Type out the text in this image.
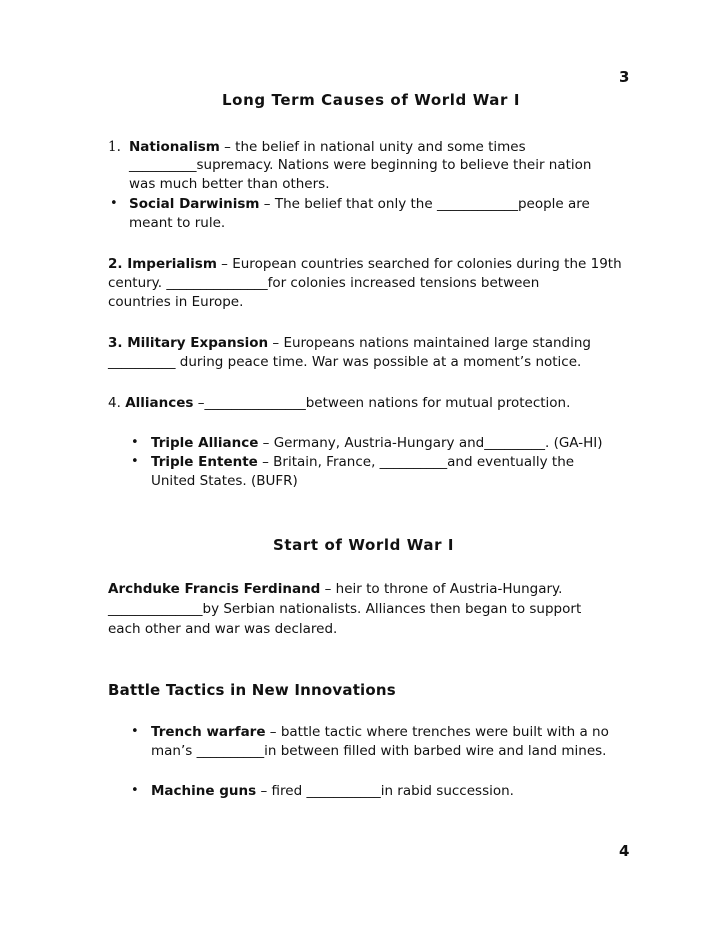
3
Long Term Causes of World War I
1. Nationalism – the belief in national unity and some times
__________supremacy. Nations were beginning to believe their nation
was much better than others.
• Social Darwinism – The belief that only the ____________people are
meant to rule.
2. Imperialism – European countries searched for colonies during the 19th
century. _______________for colonies increased tensions between
countries in Europe.
3. Military Expansion – Europeans nations maintained large standing
__________ during peace time. War was possible at a moment’s notice.
4. Alliances –_______________between nations for mutual protection.
• Triple Alliance – Germany, Austria-Hungary and_________. (GA-HI)
• Triple Entente – Britain, France, __________and eventually the
United States. (BUFR)
Start of World War I
Archduke Francis Ferdinand – heir to throne of Austria-Hungary.
______________by Serbian nationalists. Alliances then began to support
each other and war was declared.
Battle Tactics in New Innovations
• Trench warfare – battle tactic where trenches were built with a no
man’s __________in between filled with barbed wire and land mines.
• Machine guns – fired ___________in rabid succession.
4
